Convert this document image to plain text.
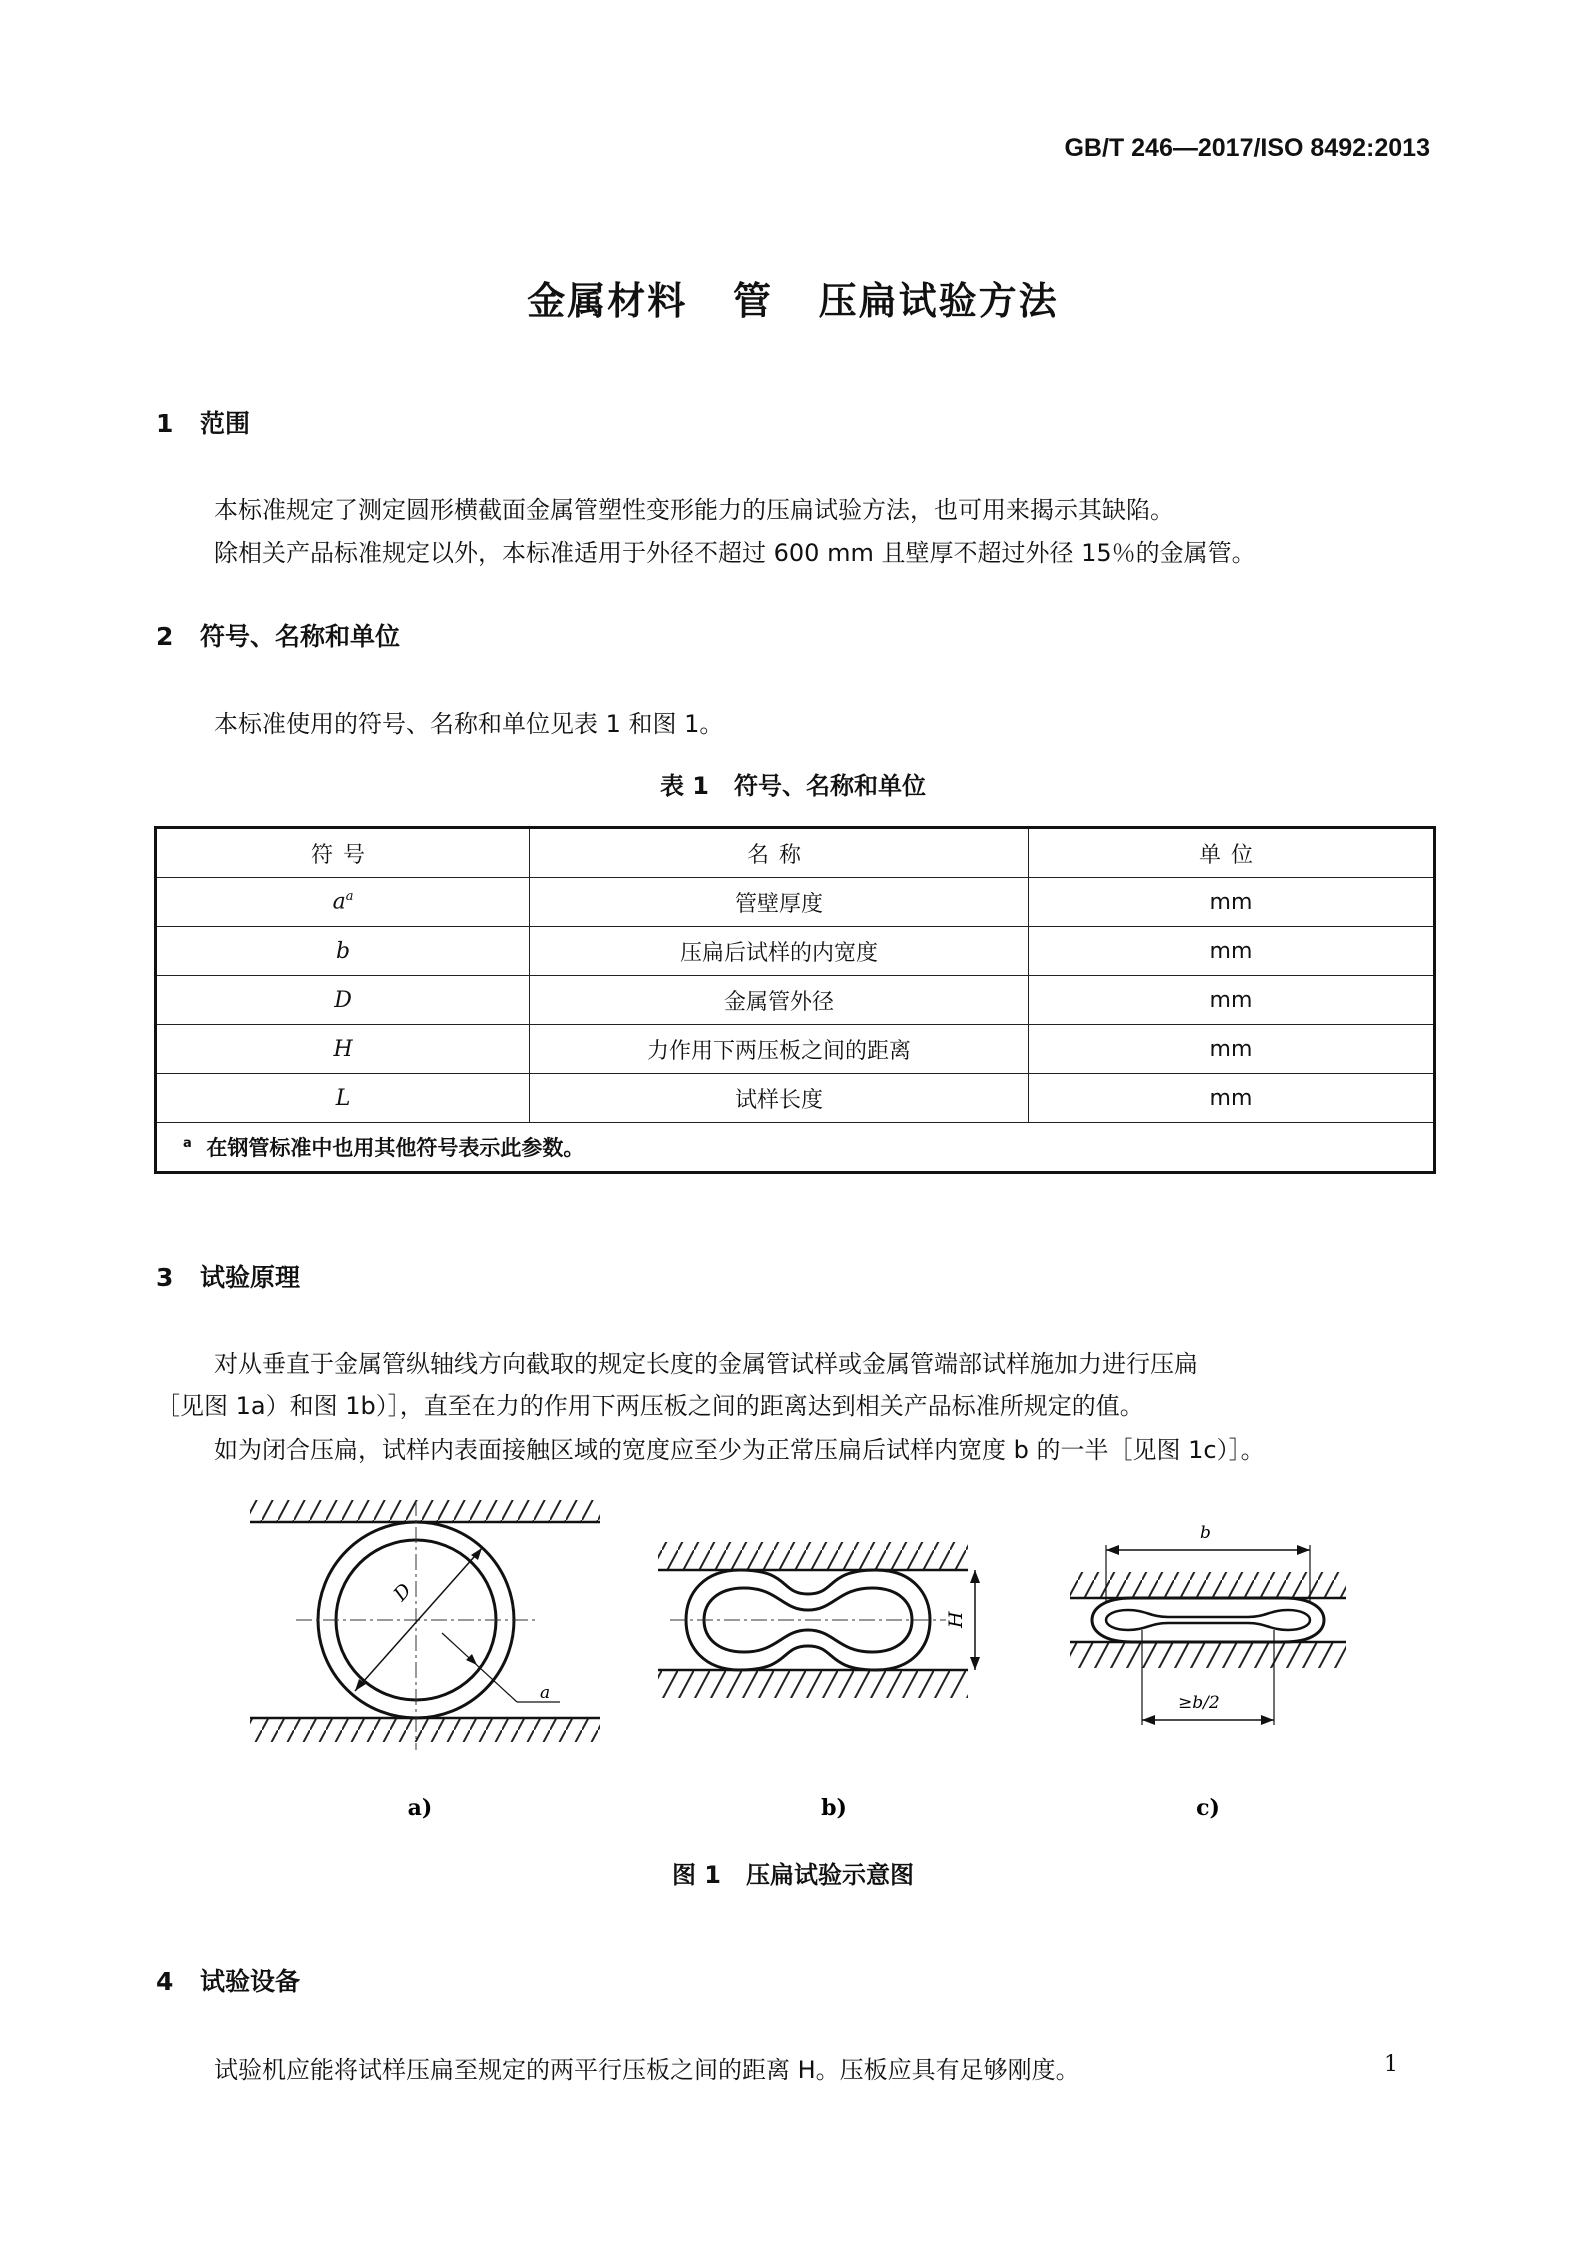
GB/T 246—2017/ISO 8492:2013
金属材料   管   压扁试验方法
1 范围
本标准规定了测定圆形横截面金属管塑性变形能力的压扁试验方法，也可用来揭示其缺陷。
除相关产品标准规定以外，本标准适用于外径不超过 600 mm 且壁厚不超过外径 15％的金属管。
2 符号、名称和单位
本标准使用的符号、名称和单位见表 1 和图 1。
表 1   符号、名称和单位
符号	名称	单位
$a^a$	管壁厚度	mm
b	压扁后试样的内宽度	mm
D	金属管外径	mm
H	力作用下两压板之间的距离	mm
L	试样长度	mm
$^a$ 在钢管标准中也用其他符号表示此参数。		
3 试验原理
对从垂直于金属管纵轴线方向截取的规定长度的金属管试样或金属管端部试样施加力进行压扁
［见图 1a）和图 1b）］，直至在力的作用下两压板之间的距离达到相关产品标准所规定的值。
如为闭合压扁，试样内表面接触区域的宽度应至少为正常压扁后试样内宽度 b 的一半［见图 1c）］。
D
a
H
b
≥b/2
a)	b)	c)
图 1   压扁试验示意图
4 试验设备
试验机应能将试样压扁至规定的两平行压板之间的距离 H。压板应具有足够刚度。	1
